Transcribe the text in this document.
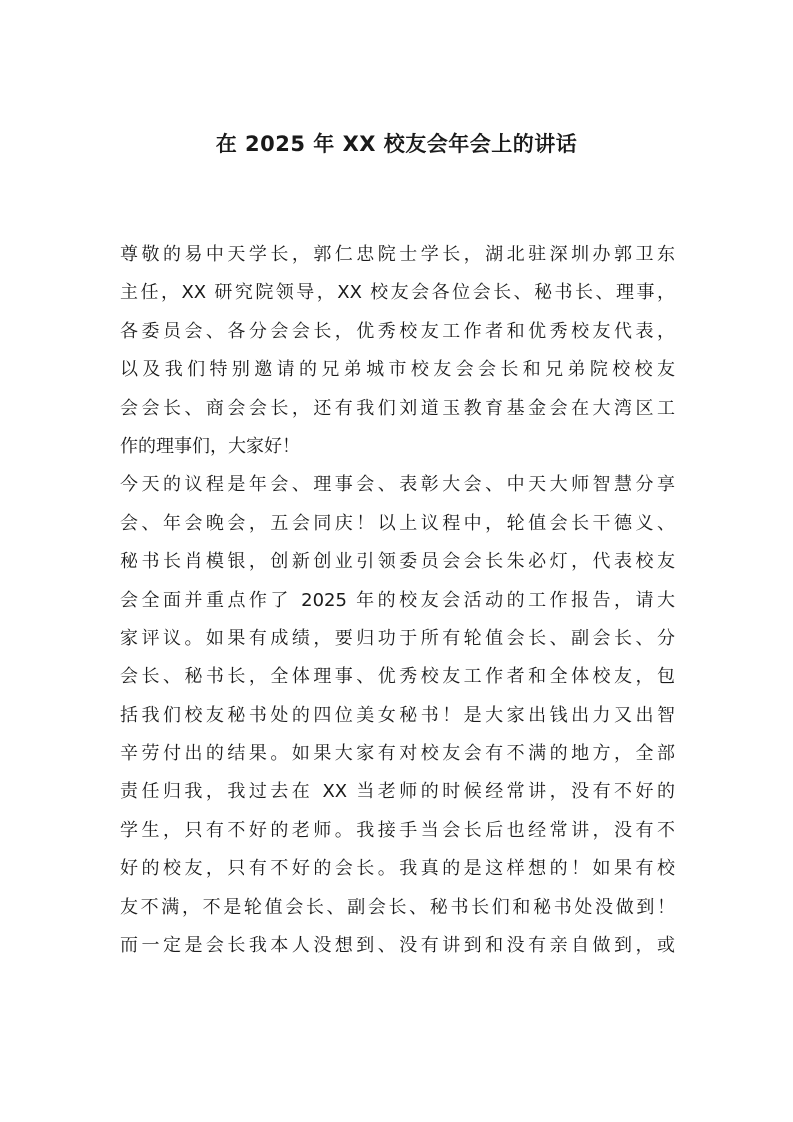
在 2025 年 XX 校友会年会上的讲话
尊敬的易中天学长，郭仁忠院士学长，湖北驻深圳办郭卫东
主任，XX 研究院领导，XX 校友会各位会长、秘书长、理事，
各委员会、各分会会长，优秀校友工作者和优秀校友代表，
以及我们特别邀请的兄弟城市校友会会长和兄弟院校校友
会会长、商会会长，还有我们刘道玉教育基金会在大湾区工
作的理事们，大家好！
今天的议程是年会、理事会、表彰大会、中天大师智慧分享
会、年会晚会，五会同庆！以上议程中，轮值会长干德义、
秘书长肖模银，创新创业引领委员会会长朱必灯，代表校友
会全面并重点作了 2025 年的校友会活动的工作报告，请大
家评议。如果有成绩，要归功于所有轮值会长、副会长、分
会长、秘书长，全体理事、优秀校友工作者和全体校友，包
括我们校友秘书处的四位美女秘书！是大家出钱出力又出智
辛劳付出的结果。如果大家有对校友会有不满的地方，全部
责任归我，我过去在 XX 当老师的时候经常讲，没有不好的
学生，只有不好的老师。我接手当会长后也经常讲，没有不
好的校友，只有不好的会长。我真的是这样想的！如果有校
友不满，不是轮值会长、副会长、秘书长们和秘书处没做到！
而一定是会长我本人没想到、没有讲到和没有亲自做到，或
